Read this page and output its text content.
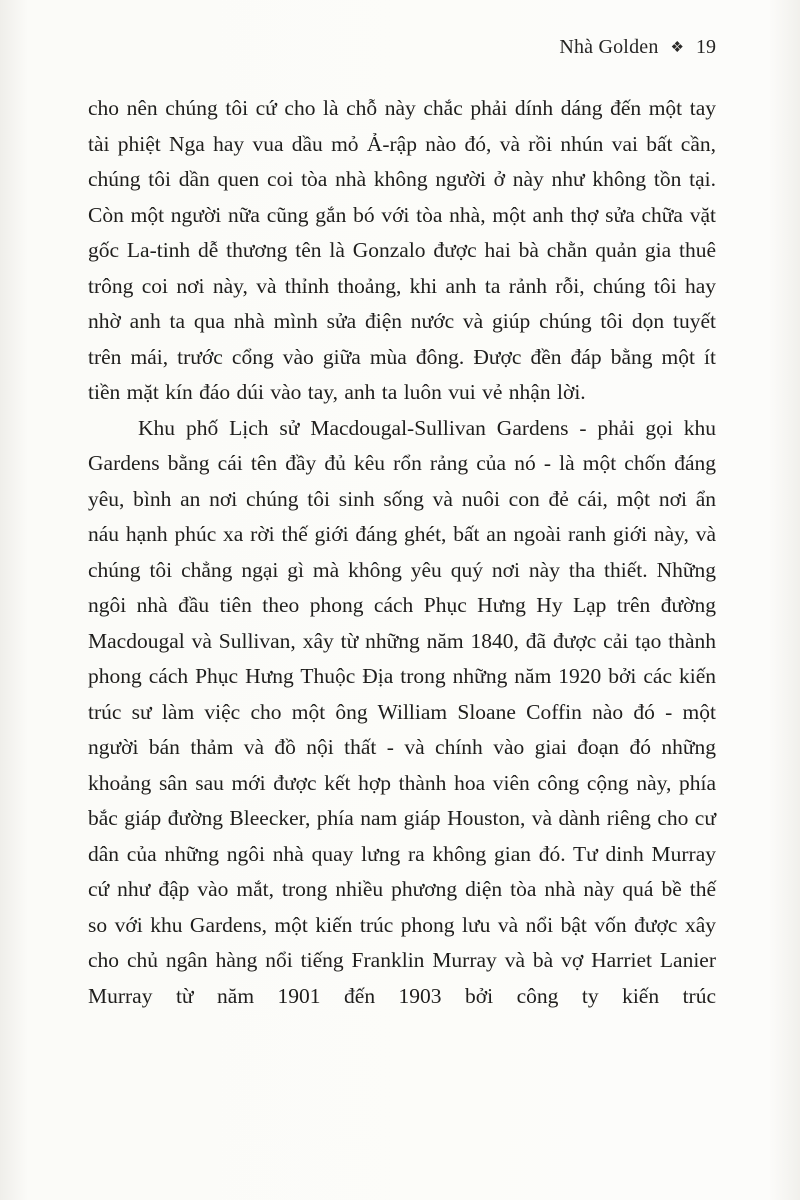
Nhà Golden ❖ 19

cho nên chúng tôi cứ cho là chỗ này chắc phải dính dáng đến một tay tài phiệt Nga hay vua dầu mỏ Ả-rập nào đó, và rồi nhún vai bất cần, chúng tôi dần quen coi tòa nhà không người ở này như không tồn tại. Còn một người nữa cũng gắn bó với tòa nhà, một anh thợ sửa chữa vặt gốc La-tinh dễ thương tên là Gonzalo được hai bà chằn quản gia thuê trông coi nơi này, và thỉnh thoảng, khi anh ta rảnh rỗi, chúng tôi hay nhờ anh ta qua nhà mình sửa điện nước và giúp chúng tôi dọn tuyết trên mái, trước cổng vào giữa mùa đông. Được đền đáp bằng một ít tiền mặt kín đáo dúi vào tay, anh ta luôn vui vẻ nhận lời.

Khu phố Lịch sử Macdougal-Sullivan Gardens - phải gọi khu Gardens bằng cái tên đầy đủ kêu rổn rảng của nó - là một chốn đáng yêu, bình an nơi chúng tôi sinh sống và nuôi con đẻ cái, một nơi ẩn náu hạnh phúc xa rời thế giới đáng ghét, bất an ngoài ranh giới này, và chúng tôi chẳng ngại gì mà không yêu quý nơi này tha thiết. Những ngôi nhà đầu tiên theo phong cách Phục Hưng Hy Lạp trên đường Macdougal và Sullivan, xây từ những năm 1840, đã được cải tạo thành phong cách Phục Hưng Thuộc Địa trong những năm 1920 bởi các kiến trúc sư làm việc cho một ông William Sloane Coffin nào đó - một người bán thảm và đồ nội thất - và chính vào giai đoạn đó những khoảng sân sau mới được kết hợp thành hoa viên công cộng này, phía bắc giáp đường Bleecker, phía nam giáp Houston, và dành riêng cho cư dân của những ngôi nhà quay lưng ra không gian đó. Tư dinh Murray cứ như đập vào mắt, trong nhiều phương diện tòa nhà này quá bề thế so với khu Gardens, một kiến trúc phong lưu và nổi bật vốn được xây cho chủ ngân hàng nổi tiếng Franklin Murray và bà vợ Harriet Lanier Murray từ năm 1901 đến 1903 bởi công ty kiến trúc
